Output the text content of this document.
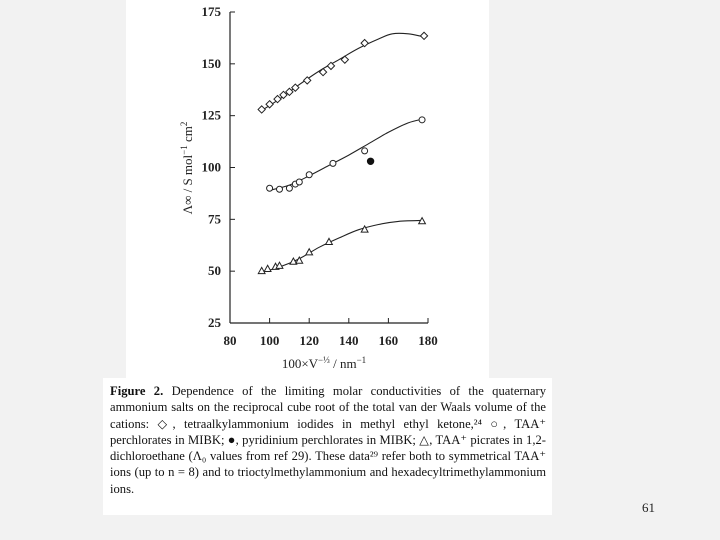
25
50
75
100
125
150
175
80 100 120 140 160 180
$100\times V^{-\frac{1}{3}} / nm^{-1}$
Λ∞ / S mol$^{-1}$ $cm^2$
Figure 2. Dependence of the limiting molar conductivities of the quaternary ammonium salts on the reciprocal cube root of the total van der Waals volume of the cations: ◇, tetraalkylammonium iodides in methyl ethyl ketone,²⁴ ○, TAA⁺ perchlorates in MIBK; ●, pyridinium perchlorates in MIBK; △, TAA⁺ picrates in 1,2-dichloroethane (Λ₀ values from ref 29). These data²⁹ refer both to symmetrical TAA⁺ ions (up to n = 8) and to trioctylmethylammonium and hexadecyltrimethylammonium ions.
61
